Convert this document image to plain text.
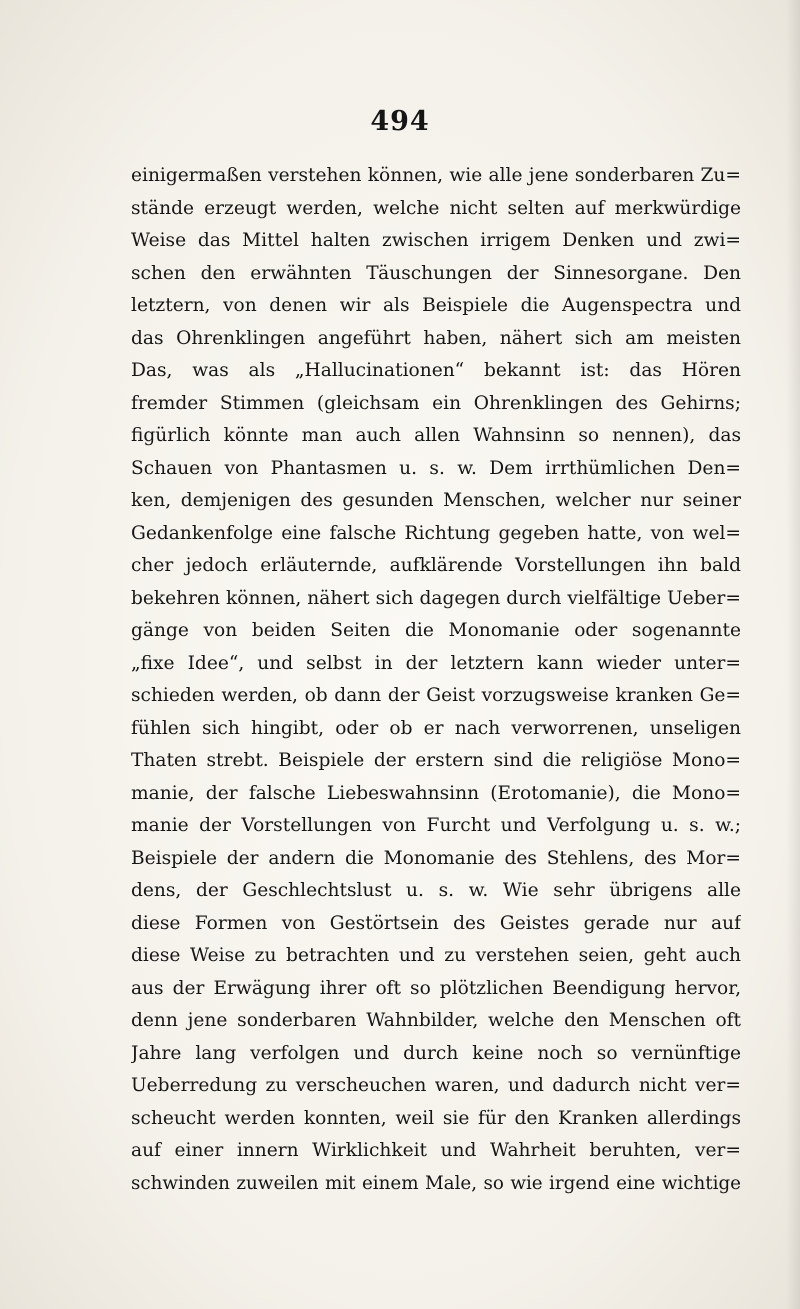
494
einigermaßen verstehen können, wie alle jene sonderbaren Zu=
stände erzeugt werden, welche nicht selten auf merkwürdige
Weise das Mittel halten zwischen irrigem Denken und zwi=
schen den erwähnten Täuschungen der Sinnesorgane. Den
letztern, von denen wir als Beispiele die Augenspectra und
das Ohrenklingen angeführt haben, nähert sich am meisten
Das, was als „Hallucinationen“ bekannt ist: das Hören
fremder Stimmen (gleichsam ein Ohrenklingen des Gehirns;
figürlich könnte man auch allen Wahnsinn so nennen), das
Schauen von Phantasmen u. s. w. Dem irrthümlichen Den=
ken, demjenigen des gesunden Menschen, welcher nur seiner
Gedankenfolge eine falsche Richtung gegeben hatte, von wel=
cher jedoch erläuternde, aufklärende Vorstellungen ihn bald
bekehren können, nähert sich dagegen durch vielfältige Ueber=
gänge von beiden Seiten die Monomanie oder sogenannte
„fixe Idee“, und selbst in der letztern kann wieder unter=
schieden werden, ob dann der Geist vorzugsweise kranken Ge=
fühlen sich hingibt, oder ob er nach verworrenen, unseligen
Thaten strebt. Beispiele der erstern sind die religiöse Mono=
manie, der falsche Liebeswahnsinn (Erotomanie), die Mono=
manie der Vorstellungen von Furcht und Verfolgung u. s. w.;
Beispiele der andern die Monomanie des Stehlens, des Mor=
dens, der Geschlechtslust u. s. w. Wie sehr übrigens alle
diese Formen von Gestörtsein des Geistes gerade nur auf
diese Weise zu betrachten und zu verstehen seien, geht auch
aus der Erwägung ihrer oft so plötzlichen Beendigung hervor,
denn jene sonderbaren Wahnbilder, welche den Menschen oft
Jahre lang verfolgen und durch keine noch so vernünftige
Ueberredung zu verscheuchen waren, und dadurch nicht ver=
scheucht werden konnten, weil sie für den Kranken allerdings
auf einer innern Wirklichkeit und Wahrheit beruhten, ver=
schwinden zuweilen mit einem Male, so wie irgend eine wichtige
